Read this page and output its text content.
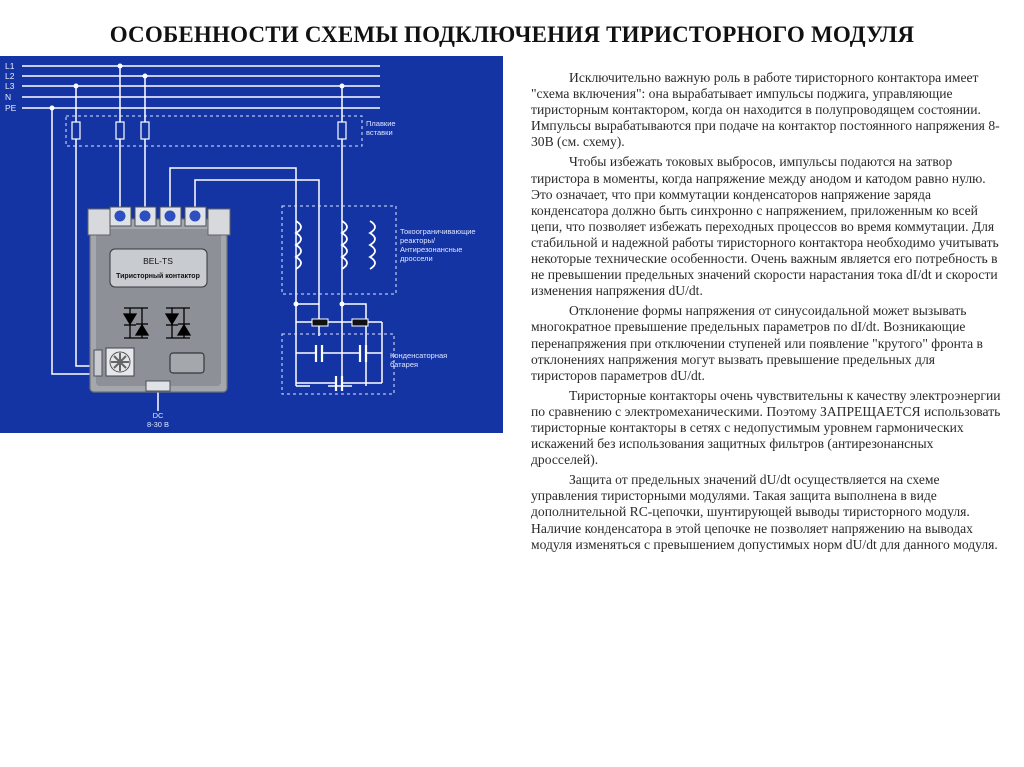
ОСОБЕННОСТИ СХЕМЫ ПОДКЛЮЧЕНИЯ ТИРИСТОРНОГО МОДУЛЯ
L1
L2
L3
N
PE
Плавкие
вставки
Токоограничивающие
реакторы/
Антирезонансные
дроссели
Конденсаторная
батарея
BEL-TS
Тиристорный контактор
DC
8-30 В

Исключительно важную роль в работе тиристорного контактора имеет "схема включения": она вырабатывает импульсы поджига, управляющие тиристорным контактором, когда он находится в полупроводящем состоянии. Импульсы вырабатываются при подаче на контактор постоянного напряжения 8-30В (см. схему).

Чтобы избежать токовых выбросов, импульсы подаются на затвор тиристора в моменты, когда напряжение между анодом и катодом равно нулю. Это означает, что при коммутации конденсаторов напряжение заряда конденсатора должно быть синхронно с напряжением, приложенным ко всей цепи, что позволяет избежать переходных процессов во время коммутации. Для стабильной и надежной работы тиристорного контактора необходимо учитывать некоторые технические особенности. Очень важным является его потребность в не превышении предельных значений скорости нарастания тока dI/dt и скорости изменения напряжения dU/dt.

Отклонение формы напряжения от синусоидальной может вызывать многократное превышение предельных параметров по dI/dt. Возникающие перенапряжения при отключении ступеней или появление "крутого" фронта в отклонениях напряжения могут вызвать превышение предельных для тиристоров параметров dU/dt.

Тиристорные контакторы очень чувствительны к качеству электроэнергии по сравнению с электромеханическими. Поэтому ЗАПРЕЩАЕТСЯ использовать тиристорные контакторы в сетях с недопустимым уровнем гармонических искажений без использования защитных фильтров (антирезонансных дросселей).

Защита от предельных значений dU/dt осуществляется на схеме управления тиристорными модулями. Такая защита выполнена в виде дополнительной RC-цепочки, шунтирующей выводы тиристорного модуля. Наличие конденсатора в этой цепочке не позволяет напряжению на выводах модуля изменяться с превышением допустимых норм dU/dt для данного модуля.
